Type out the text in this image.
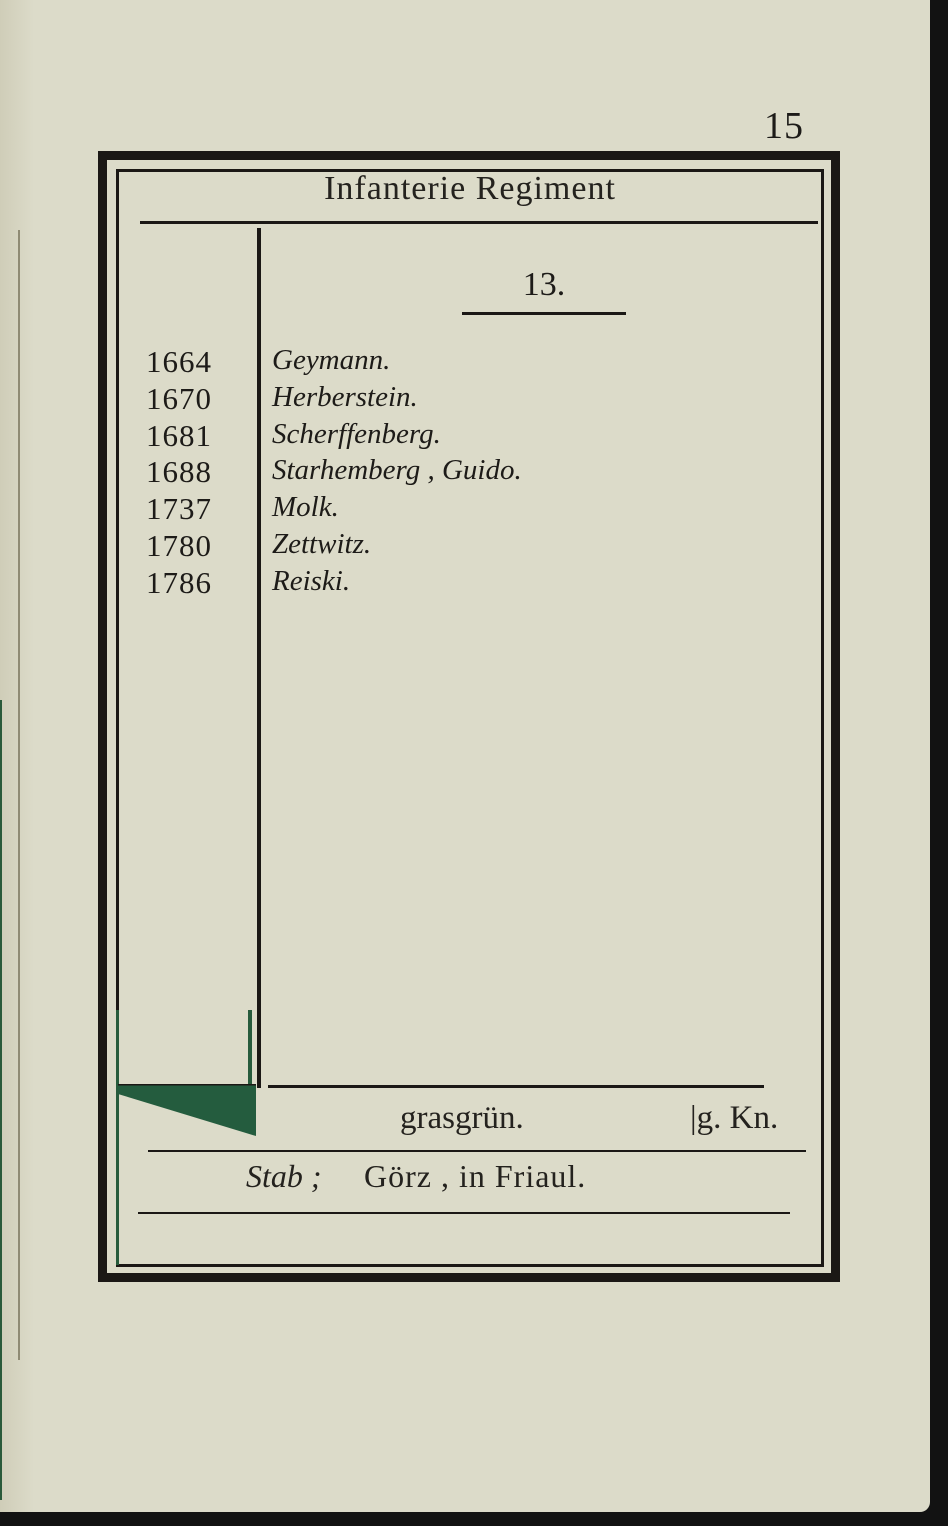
15
Infanterie Regiment
13.
1664	Geymann.
1670	Herberstein.
1681	Scherffenberg.
1688	Starhemberg , Guido.
1737	Molk.
1780	Zettwitz.
1786	Reiski.
grasgrün.	|g. Kn.
Stab ; Görz , in Friaul.
